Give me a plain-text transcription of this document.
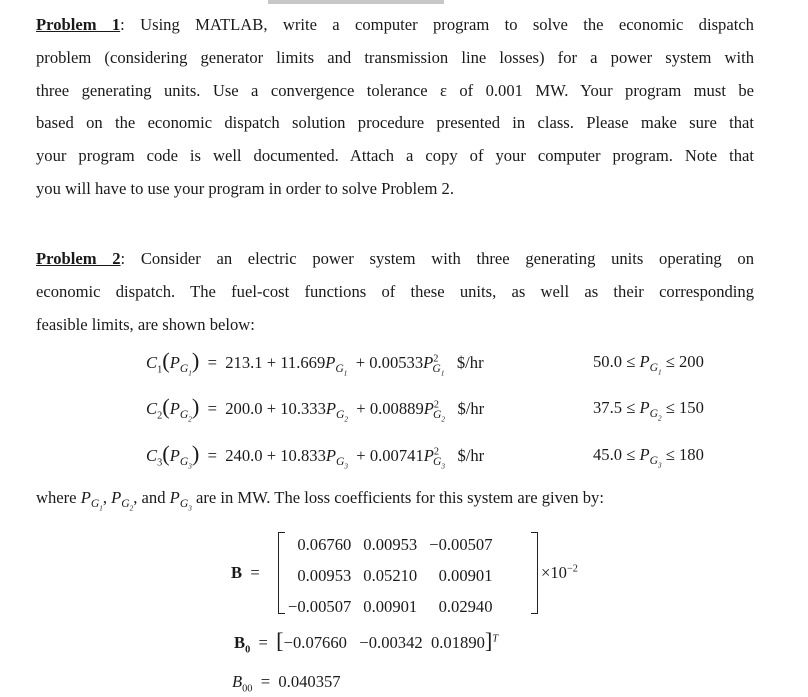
Problem 1: Using MATLAB, write a computer program to solve the economic dispatch
problem (considering generator limits and transmission line losses) for a power system with
three generating units. Use a convergence tolerance ε of 0.001 MW. Your program must be
based on the economic dispatch solution procedure presented in class. Please make sure that
your program code is well documented. Attach a copy of your computer program. Note that
you will have to use your program in order to solve Problem 2.
Problem 2: Consider an electric power system with three generating units operating on
economic dispatch. The fuel-cost functions of these units, as well as their corresponding
feasible limits, are shown below:
$C_1(P_{G_1}) = 213.1 + 11.669P_{G_1} + 0.00533P^2_{G_1}$   $/hr	$50.0 \le P_{G_1} \le 200$
$C_2(P_{G_2}) = 200.0 + 10.333P_{G_2} + 0.00889P^2_{G_2}$   $/hr	$37.5 \le P_{G_2} \le 150$
$C_3(P_{G_3}) = 240.0 + 10.833P_{G_3} + 0.00741P^2_{G_3}$   $/hr	$45.0 \le P_{G_3} \le 180$
where $P_{G_1}$, $P_{G_2}$, and $P_{G_3}$ are in MW. The loss coefficients for this system are given by:
B  =
0.06760	0.00953	−0.00507
0.00953	0.05210	0.00901
−0.00507	0.00901	0.02940
$\times 10^{-2}$
$B_0 = [-0.07660 -0.00342$ 0.01890]$^T$
$B_{00} = 0.040357$
